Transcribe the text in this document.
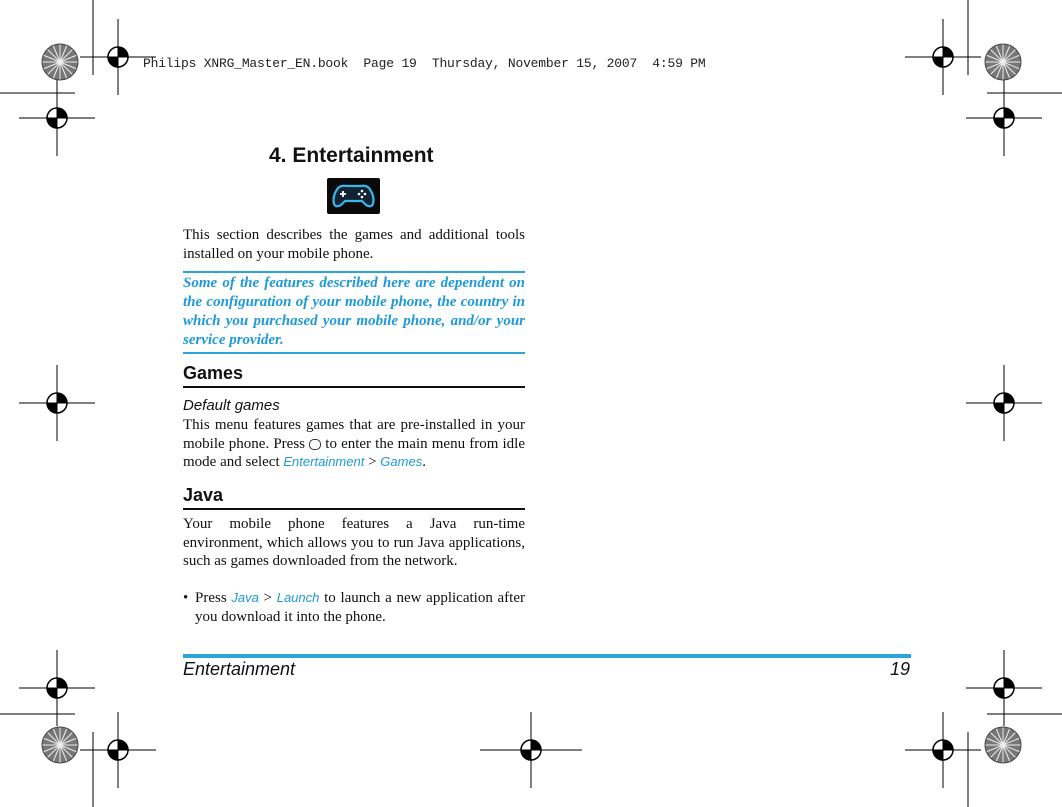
Philips XNRG_Master_EN.book  Page 19  Thursday, November 15, 2007  4:59 PM
4. Entertainment
This section describes the games and additional tools installed on your mobile phone.
Some of the features described here are dependent on the configuration of your mobile phone, the country in which you purchased your mobile phone, and/or your service provider.
Games
Default games
This menu features games that are pre-installed in your mobile phone. Press to enter the main menu from idle mode and select Entertainment > Games.
Java
Your mobile phone features a Java run-time environment, which allows you to run Java applications, such as games downloaded from the network.
• Press Java > Launch to launch a new application after you download it into the phone.
Entertainment	19
